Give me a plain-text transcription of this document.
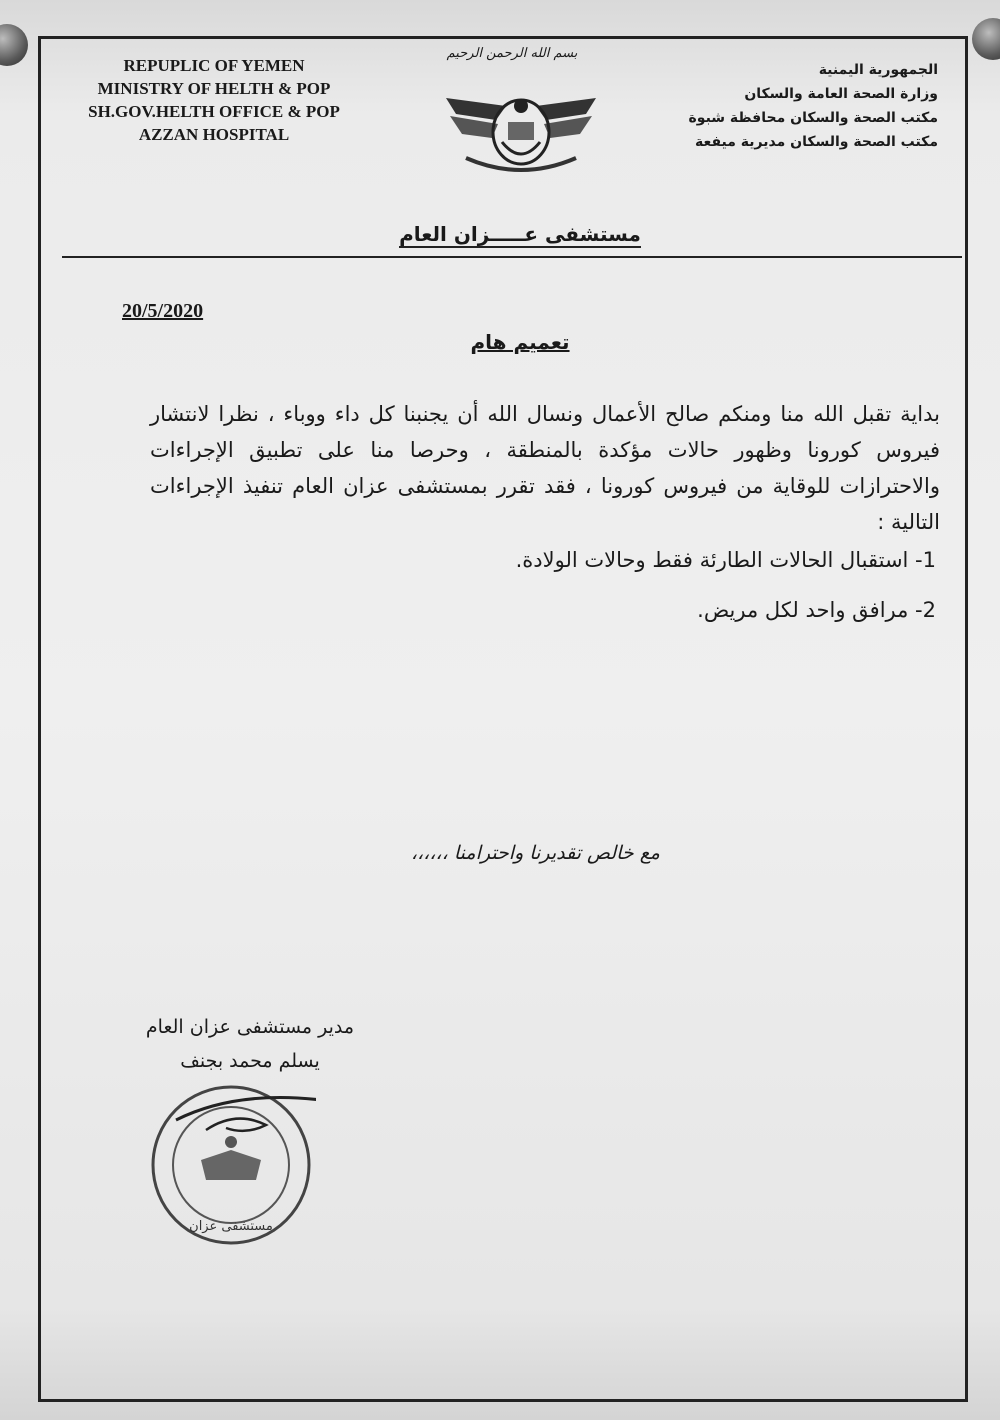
REPUPLIC OF YEMEN
MINISTRY OF HELTH & POP
SH.GOV.HELTH OFFICE & POP
AZZAN HOSPITAL
بسم الله الرحمن الرحيم
الجمهورية اليمنية
وزارة الصحة العامة والسكان
مكتب الصحة والسكان محافظة شبوة
مكتب الصحة والسكان مديرية ميفعة
مستشفى عـــــزان العام
20/5/2020
تعميم هام
بداية تقبل الله منا ومنكم صالح الأعمال ونسال الله أن يجنبنا كل داء ووباء ، نظرا لانتشار فيروس كورونا وظهور حالات مؤكدة بالمنطقة ، وحرصا منا على تطبيق الإجراءات والاحترازات للوقاية من فيروس كورونا ، فقد تقرر بمستشفى عزان العام تنفيذ الإجراءات التالية :
1- استقبال الحالات الطارئة فقط وحالات الولادة.
2- مرافق واحد لكل مريض.
مع خالص تقديرنا واحترامنا ،،،،،،
مدير مستشفى عزان العام
يسلم محمد بجنف
مستشفى عزان
